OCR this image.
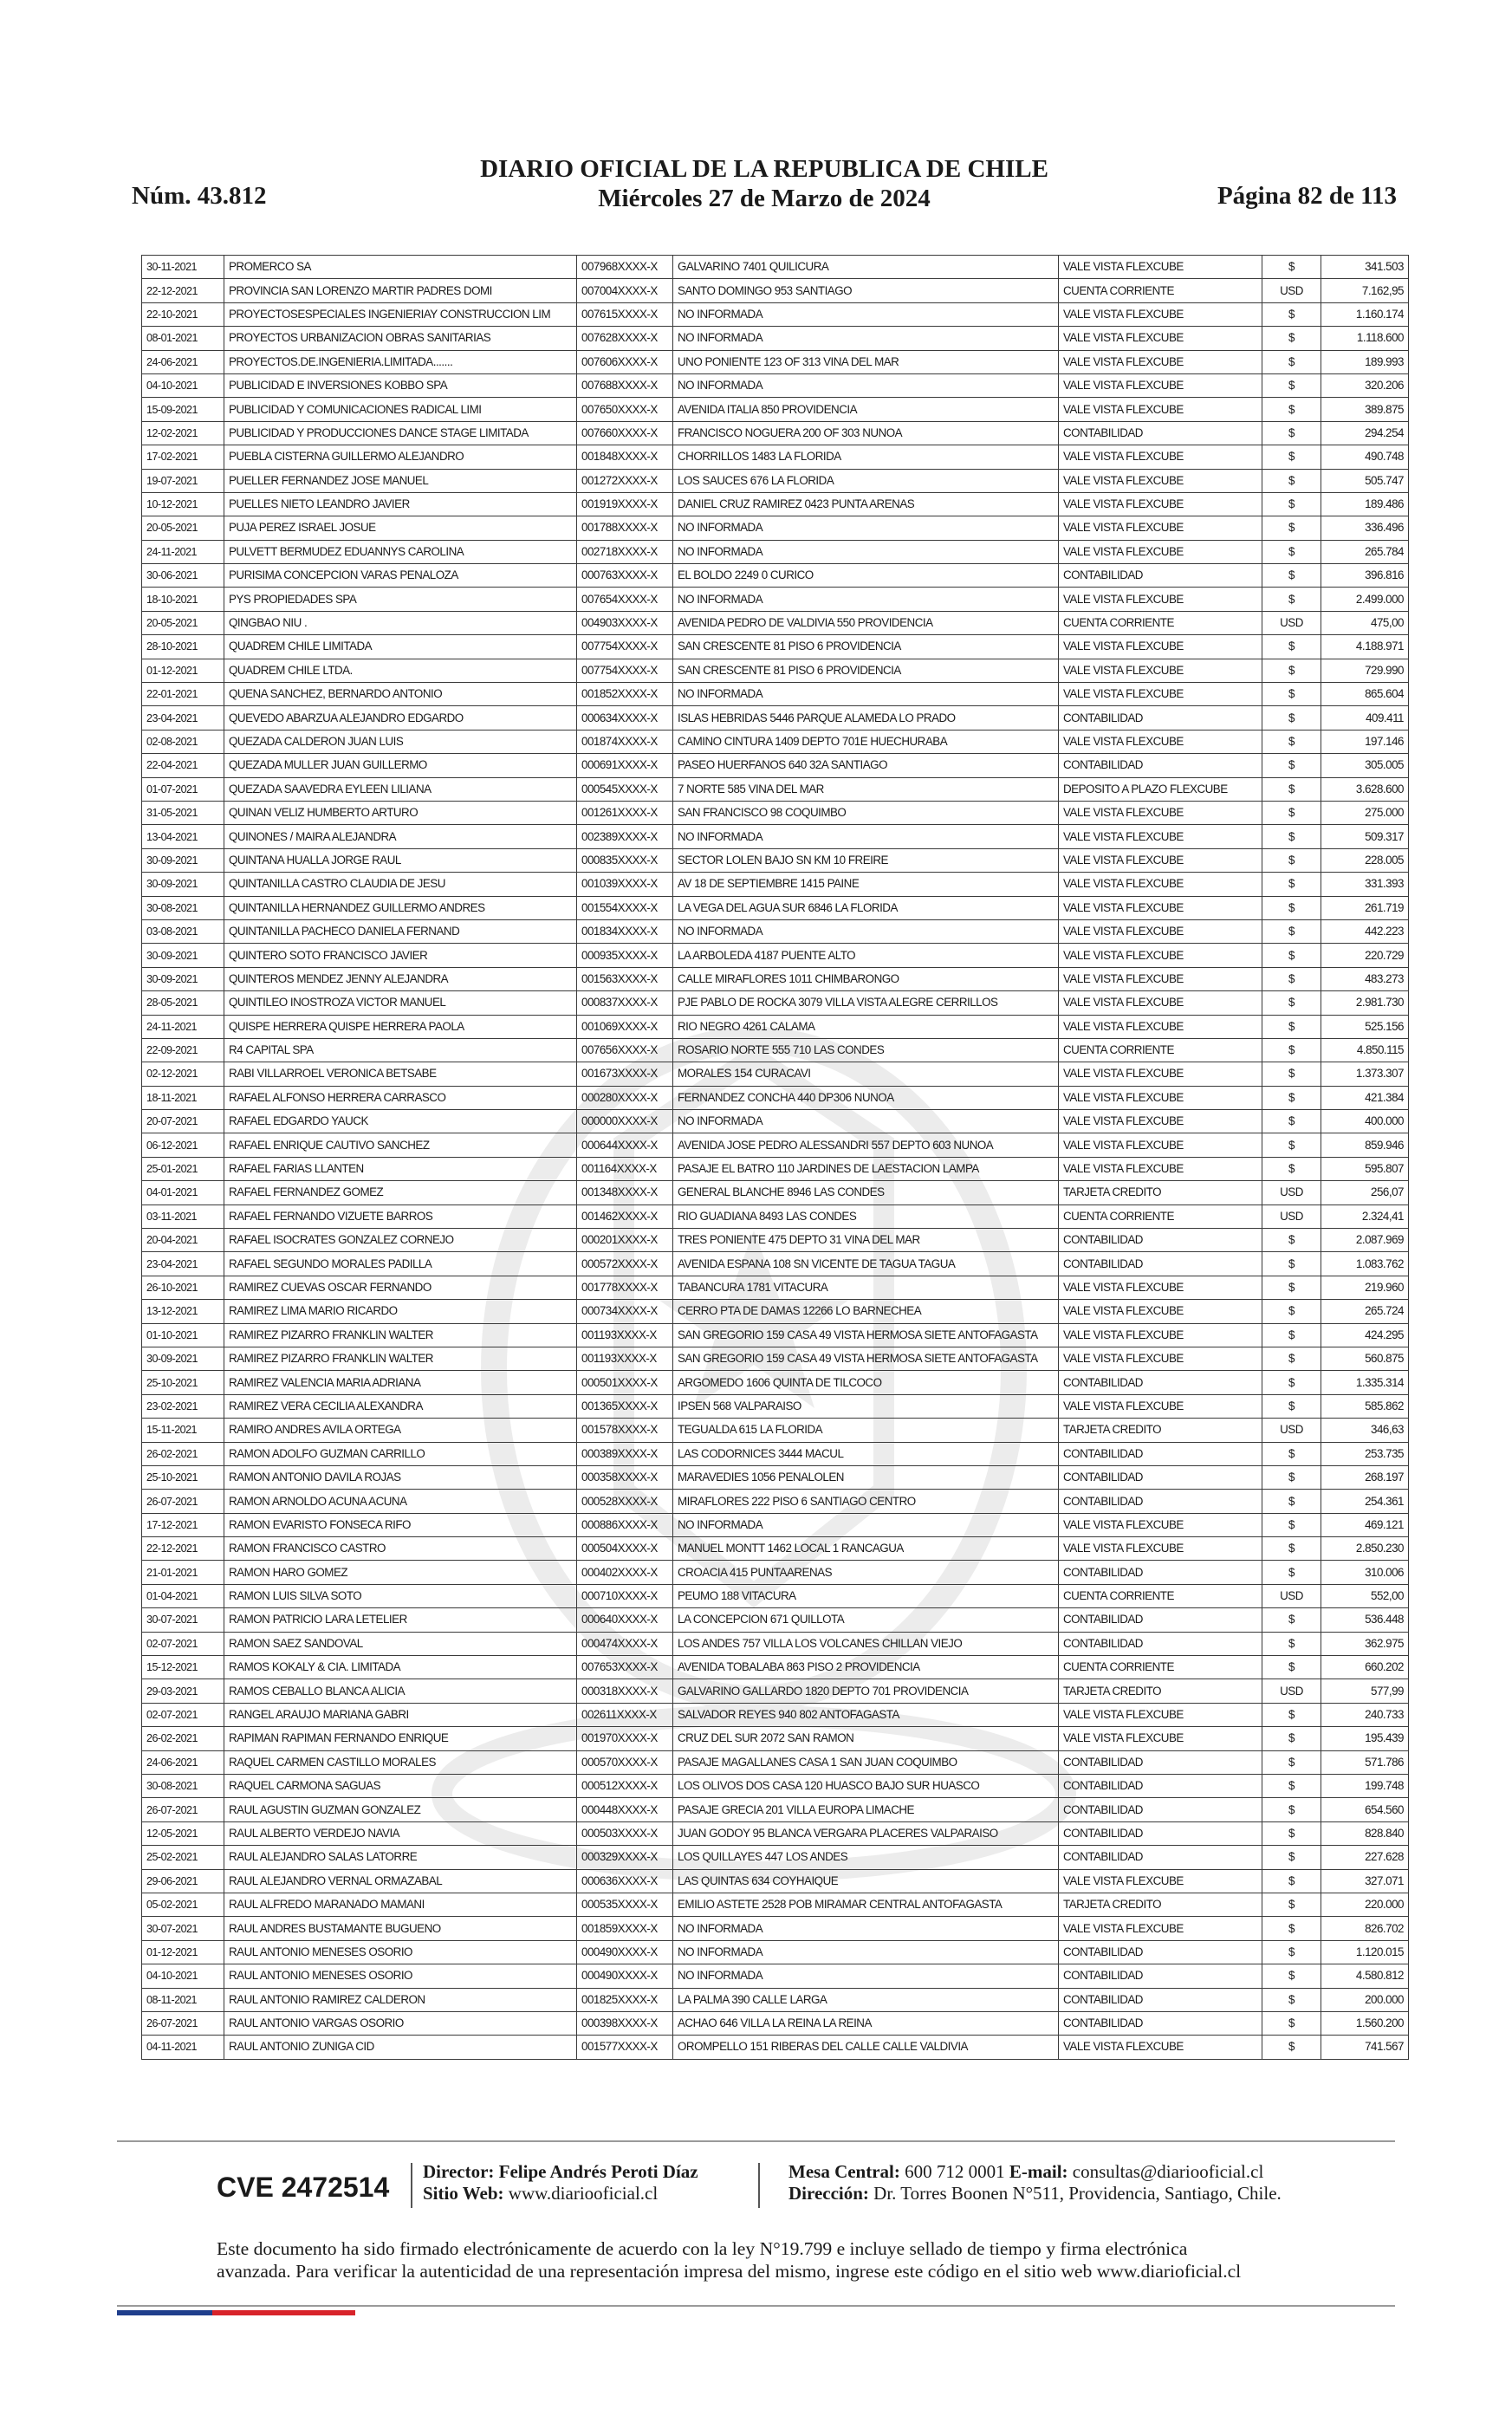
Núm. 43.812
DIARIO OFICIAL DE LA REPUBLICA DE CHILE
Miércoles 27 de Marzo de 2024	Página 82 de 113
30-11-2021	PROMERCO SA	007968XXXX-X	GALVARINO 7401 QUILICURA	VALE VISTA FLEXCUBE	$	341.503
22-12-2021	PROVINCIA SAN LORENZO MARTIR PADRES DOMI	007004XXXX-X	SANTO DOMINGO 953 SANTIAGO	CUENTA CORRIENTE	USD	7.162,95
22-10-2021	PROYECTOSESPECIALES INGENIERIAY CONSTRUCCION LIM	007615XXXX-X	NO INFORMADA	VALE VISTA FLEXCUBE	$	1.160.174
08-01-2021	PROYECTOS URBANIZACION OBRAS SANITARIAS	007628XXXX-X	NO INFORMADA	VALE VISTA FLEXCUBE	$	1.118.600
24-06-2021	PROYECTOS.DE.INGENIERIA.LIMITADA.......	007606XXXX-X	UNO PONIENTE 123 OF 313 VINA DEL MAR	VALE VISTA FLEXCUBE	$	189.993
04-10-2021	PUBLICIDAD E INVERSIONES KOBBO SPA	007688XXXX-X	NO INFORMADA	VALE VISTA FLEXCUBE	$	320.206
15-09-2021	PUBLICIDAD Y COMUNICACIONES RADICAL LIMI	007650XXXX-X	AVENIDA ITALIA 850 PROVIDENCIA	VALE VISTA FLEXCUBE	$	389.875
12-02-2021	PUBLICIDAD Y PRODUCCIONES DANCE STAGE LIMITADA	007660XXXX-X	FRANCISCO NOGUERA 200 OF 303 NUNOA	CONTABILIDAD	$	294.254
17-02-2021	PUEBLA CISTERNA GUILLERMO ALEJANDRO	001848XXXX-X	CHORRILLOS 1483 LA FLORIDA	VALE VISTA FLEXCUBE	$	490.748
19-07-2021	PUELLER FERNANDEZ JOSE MANUEL	001272XXXX-X	LOS SAUCES 676 LA FLORIDA	VALE VISTA FLEXCUBE	$	505.747
10-12-2021	PUELLES NIETO LEANDRO JAVIER	001919XXXX-X	DANIEL CRUZ RAMIREZ 0423 PUNTA ARENAS	VALE VISTA FLEXCUBE	$	189.486
20-05-2021	PUJA PEREZ ISRAEL JOSUE	001788XXXX-X	NO INFORMADA	VALE VISTA FLEXCUBE	$	336.496
24-11-2021	PULVETT BERMUDEZ EDUANNYS CAROLINA	002718XXXX-X	NO INFORMADA	VALE VISTA FLEXCUBE	$	265.784
30-06-2021	PURISIMA CONCEPCION VARAS PENALOZA	000763XXXX-X	EL BOLDO 2249 0 CURICO	CONTABILIDAD	$	396.816
18-10-2021	PYS PROPIEDADES SPA	007654XXXX-X	NO INFORMADA	VALE VISTA FLEXCUBE	$	2.499.000
20-05-2021	QINGBAO NIU .	004903XXXX-X	AVENIDA PEDRO DE VALDIVIA 550 PROVIDENCIA	CUENTA CORRIENTE	USD	475,00
28-10-2021	QUADREM CHILE LIMITADA	007754XXXX-X	SAN CRESCENTE 81 PISO 6 PROVIDENCIA	VALE VISTA FLEXCUBE	$	4.188.971
01-12-2021	QUADREM CHILE LTDA.	007754XXXX-X	SAN CRESCENTE 81 PISO 6 PROVIDENCIA	VALE VISTA FLEXCUBE	$	729.990
22-01-2021	QUENA SANCHEZ, BERNARDO ANTONIO	001852XXXX-X	NO INFORMADA	VALE VISTA FLEXCUBE	$	865.604
23-04-2021	QUEVEDO ABARZUA ALEJANDRO EDGARDO	000634XXXX-X	ISLAS HEBRIDAS 5446 PARQUE ALAMEDA LO PRADO	CONTABILIDAD	$	409.411
02-08-2021	QUEZADA CALDERON JUAN LUIS	001874XXXX-X	CAMINO CINTURA 1409 DEPTO 701E HUECHURABA	VALE VISTA FLEXCUBE	$	197.146
22-04-2021	QUEZADA MULLER JUAN GUILLERMO	000691XXXX-X	PASEO HUERFANOS 640 32A SANTIAGO	CONTABILIDAD	$	305.005
01-07-2021	QUEZADA SAAVEDRA EYLEEN LILIANA	000545XXXX-X	7 NORTE 585 VINA DEL MAR	DEPOSITO A PLAZO FLEXCUBE	$	3.628.600
31-05-2021	QUINAN VELIZ HUMBERTO ARTURO	001261XXXX-X	SAN FRANCISCO 98 COQUIMBO	VALE VISTA FLEXCUBE	$	275.000
13-04-2021	QUINONES / MAIRA ALEJANDRA	002389XXXX-X	NO INFORMADA	VALE VISTA FLEXCUBE	$	509.317
30-09-2021	QUINTANA HUALLA JORGE RAUL	000835XXXX-X	SECTOR LOLEN BAJO SN KM 10 FREIRE	VALE VISTA FLEXCUBE	$	228.005
30-09-2021	QUINTANILLA CASTRO CLAUDIA DE JESU	001039XXXX-X	AV 18 DE SEPTIEMBRE 1415 PAINE	VALE VISTA FLEXCUBE	$	331.393
30-08-2021	QUINTANILLA HERNANDEZ GUILLERMO ANDRES	001554XXXX-X	LA VEGA DEL AGUA SUR 6846 LA FLORIDA	VALE VISTA FLEXCUBE	$	261.719
03-08-2021	QUINTANILLA PACHECO DANIELA FERNAND	001834XXXX-X	NO INFORMADA	VALE VISTA FLEXCUBE	$	442.223
30-09-2021	QUINTERO SOTO FRANCISCO JAVIER	000935XXXX-X	LA ARBOLEDA 4187 PUENTE ALTO	VALE VISTA FLEXCUBE	$	220.729
30-09-2021	QUINTEROS MENDEZ JENNY ALEJANDRA	001563XXXX-X	CALLE MIRAFLORES 1011 CHIMBARONGO	VALE VISTA FLEXCUBE	$	483.273
28-05-2021	QUINTILEO INOSTROZA VICTOR MANUEL	000837XXXX-X	PJE PABLO DE ROCKA 3079 VILLA VISTA ALEGRE CERRILLOS	VALE VISTA FLEXCUBE	$	2.981.730
24-11-2021	QUISPE HERRERA QUISPE HERRERA PAOLA	001069XXXX-X	RIO NEGRO 4261 CALAMA	VALE VISTA FLEXCUBE	$	525.156
22-09-2021	R4 CAPITAL SPA	007656XXXX-X	ROSARIO NORTE 555 710 LAS CONDES	CUENTA CORRIENTE	$	4.850.115
02-12-2021	RABI VILLARROEL VERONICA BETSABE	001673XXXX-X	MORALES 154 CURACAVI	VALE VISTA FLEXCUBE	$	1.373.307
18-11-2021	RAFAEL ALFONSO HERRERA CARRASCO	000280XXXX-X	FERNANDEZ CONCHA 440 DP306 NUNOA	VALE VISTA FLEXCUBE	$	421.384
20-07-2021	RAFAEL EDGARDO YAUCK	000000XXXX-X	NO INFORMADA	VALE VISTA FLEXCUBE	$	400.000
06-12-2021	RAFAEL ENRIQUE CAUTIVO SANCHEZ	000644XXXX-X	AVENIDA JOSE PEDRO ALESSANDRI 557 DEPTO 603 NUNOA	VALE VISTA FLEXCUBE	$	859.946
25-01-2021	RAFAEL FARIAS LLANTEN	001164XXXX-X	PASAJE EL BATRO 110 JARDINES DE LAESTACION LAMPA	VALE VISTA FLEXCUBE	$	595.807
04-01-2021	RAFAEL FERNANDEZ GOMEZ	001348XXXX-X	GENERAL BLANCHE 8946 LAS CONDES	TARJETA CREDITO	USD	256,07
03-11-2021	RAFAEL FERNANDO VIZUETE BARROS	001462XXXX-X	RIO GUADIANA 8493 LAS CONDES	CUENTA CORRIENTE	USD	2.324,41
20-04-2021	RAFAEL ISOCRATES GONZALEZ CORNEJO	000201XXXX-X	TRES PONIENTE 475 DEPTO 31 VINA DEL MAR	CONTABILIDAD	$	2.087.969
23-04-2021	RAFAEL SEGUNDO MORALES PADILLA	000572XXXX-X	AVENIDA ESPANA 108 SN VICENTE DE TAGUA TAGUA	CONTABILIDAD	$	1.083.762
26-10-2021	RAMIREZ CUEVAS OSCAR FERNANDO	001778XXXX-X	TABANCURA 1781 VITACURA	VALE VISTA FLEXCUBE	$	219.960
13-12-2021	RAMIREZ LIMA MARIO RICARDO	000734XXXX-X	CERRO PTA DE DAMAS 12266 LO BARNECHEA	VALE VISTA FLEXCUBE	$	265.724
01-10-2021	RAMIREZ PIZARRO FRANKLIN WALTER	001193XXXX-X	SAN GREGORIO 159 CASA 49 VISTA HERMOSA SIETE ANTOFAGASTA	VALE VISTA FLEXCUBE	$	424.295
30-09-2021	RAMIREZ PIZARRO FRANKLIN WALTER	001193XXXX-X	SAN GREGORIO 159 CASA 49 VISTA HERMOSA SIETE ANTOFAGASTA	VALE VISTA FLEXCUBE	$	560.875
25-10-2021	RAMIREZ VALENCIA MARIA ADRIANA	000501XXXX-X	ARGOMEDO 1606 QUINTA DE TILCOCO	CONTABILIDAD	$	1.335.314
23-02-2021	RAMIREZ VERA CECILIA ALEXANDRA	001365XXXX-X	IPSEN 568 VALPARAISO	VALE VISTA FLEXCUBE	$	585.862
15-11-2021	RAMIRO ANDRES AVILA ORTEGA	001578XXXX-X	TEGUALDA 615 LA FLORIDA	TARJETA CREDITO	USD	346,63
26-02-2021	RAMON ADOLFO GUZMAN CARRILLO	000389XXXX-X	LAS CODORNICES 3444 MACUL	CONTABILIDAD	$	253.735
25-10-2021	RAMON ANTONIO DAVILA ROJAS	000358XXXX-X	MARAVEDIES 1056 PENALOLEN	CONTABILIDAD	$	268.197
26-07-2021	RAMON ARNOLDO ACUNA ACUNA	000528XXXX-X	MIRAFLORES 222 PISO 6 SANTIAGO CENTRO	CONTABILIDAD	$	254.361
17-12-2021	RAMON EVARISTO FONSECA RIFO	000886XXXX-X	NO INFORMADA	VALE VISTA FLEXCUBE	$	469.121
22-12-2021	RAMON FRANCISCO CASTRO	000504XXXX-X	MANUEL MONTT 1462 LOCAL 1 RANCAGUA	VALE VISTA FLEXCUBE	$	2.850.230
21-01-2021	RAMON HARO GOMEZ	000402XXXX-X	CROACIA 415 PUNTAARENAS	CONTABILIDAD	$	310.006
01-04-2021	RAMON LUIS SILVA SOTO	000710XXXX-X	PEUMO 188 VITACURA	CUENTA CORRIENTE	USD	552,00
30-07-2021	RAMON PATRICIO LARA LETELIER	000640XXXX-X	LA CONCEPCION 671 QUILLOTA	CONTABILIDAD	$	536.448
02-07-2021	RAMON SAEZ SANDOVAL	000474XXXX-X	LOS ANDES 757 VILLA LOS VOLCANES CHILLAN VIEJO	CONTABILIDAD	$	362.975
15-12-2021	RAMOS KOKALY & CIA. LIMITADA	007653XXXX-X	AVENIDA TOBALABA 863 PISO 2 PROVIDENCIA	CUENTA CORRIENTE	$	660.202
29-03-2021	RAMOS CEBALLO BLANCA ALICIA	000318XXXX-X	GALVARINO GALLARDO 1820 DEPTO 701 PROVIDENCIA	TARJETA CREDITO	USD	577,99
02-07-2021	RANGEL ARAUJO MARIANA GABRI	002611XXXX-X	SALVADOR REYES 940 802 ANTOFAGASTA	VALE VISTA FLEXCUBE	$	240.733
26-02-2021	RAPIMAN RAPIMAN FERNANDO ENRIQUE	001970XXXX-X	CRUZ DEL SUR 2072 SAN RAMON	VALE VISTA FLEXCUBE	$	195.439
24-06-2021	RAQUEL CARMEN CASTILLO MORALES	000570XXXX-X	PASAJE MAGALLANES CASA 1 SAN JUAN COQUIMBO	CONTABILIDAD	$	571.786
30-08-2021	RAQUEL CARMONA SAGUAS	000512XXXX-X	LOS OLIVOS DOS CASA 120 HUASCO BAJO SUR HUASCO	CONTABILIDAD	$	199.748
26-07-2021	RAUL AGUSTIN GUZMAN GONZALEZ	000448XXXX-X	PASAJE GRECIA 201 VILLA EUROPA LIMACHE	CONTABILIDAD	$	654.560
12-05-2021	RAUL ALBERTO VERDEJO NAVIA	000503XXXX-X	JUAN GODOY 95 BLANCA VERGARA PLACERES VALPARAISO	CONTABILIDAD	$	828.840
25-02-2021	RAUL ALEJANDRO SALAS LATORRE	000329XXXX-X	LOS QUILLAYES 447 LOS ANDES	CONTABILIDAD	$	227.628
29-06-2021	RAUL ALEJANDRO VERNAL ORMAZABAL	000636XXXX-X	LAS QUINTAS 634 COYHAIQUE	VALE VISTA FLEXCUBE	$	327.071
05-02-2021	RAUL ALFREDO MARANADO MAMANI	000535XXXX-X	EMILIO ASTETE 2528 POB MIRAMAR CENTRAL ANTOFAGASTA	TARJETA CREDITO	$	220.000
30-07-2021	RAUL ANDRES BUSTAMANTE BUGUENO	001859XXXX-X	NO INFORMADA	VALE VISTA FLEXCUBE	$	826.702
01-12-2021	RAUL ANTONIO MENESES OSORIO	000490XXXX-X	NO INFORMADA	CONTABILIDAD	$	1.120.015
04-10-2021	RAUL ANTONIO MENESES OSORIO	000490XXXX-X	NO INFORMADA	CONTABILIDAD	$	4.580.812
08-11-2021	RAUL ANTONIO RAMIREZ CALDERON	001825XXXX-X	LA PALMA 390 CALLE LARGA	CONTABILIDAD	$	200.000
26-07-2021	RAUL ANTONIO VARGAS OSORIO	000398XXXX-X	ACHAO 646 VILLA LA REINA LA REINA	CONTABILIDAD	$	1.560.200
04-11-2021	RAUL ANTONIO ZUNIGA CID	001577XXXX-X	OROMPELLO 151 RIBERAS DEL CALLE CALLE VALDIVIA	VALE VISTA FLEXCUBE	$	741.567
CVE 2472514 Director: Felipe Andrés Peroti Díaz
Sitio Web: www.diariooficial.cl
Mesa Central: 600 712 0001 E-mail: consultas@diariooficial.cl
Dirección: Dr. Torres Boonen N°511, Providencia, Santiago, Chile.
Este documento ha sido firmado electrónicamente de acuerdo con la ley N°19.799 e incluye sellado de tiempo y firma electrónica
avanzada. Para verificar la autenticidad de una representación impresa del mismo, ingrese este código en el sitio web www.diarioficial.cl
